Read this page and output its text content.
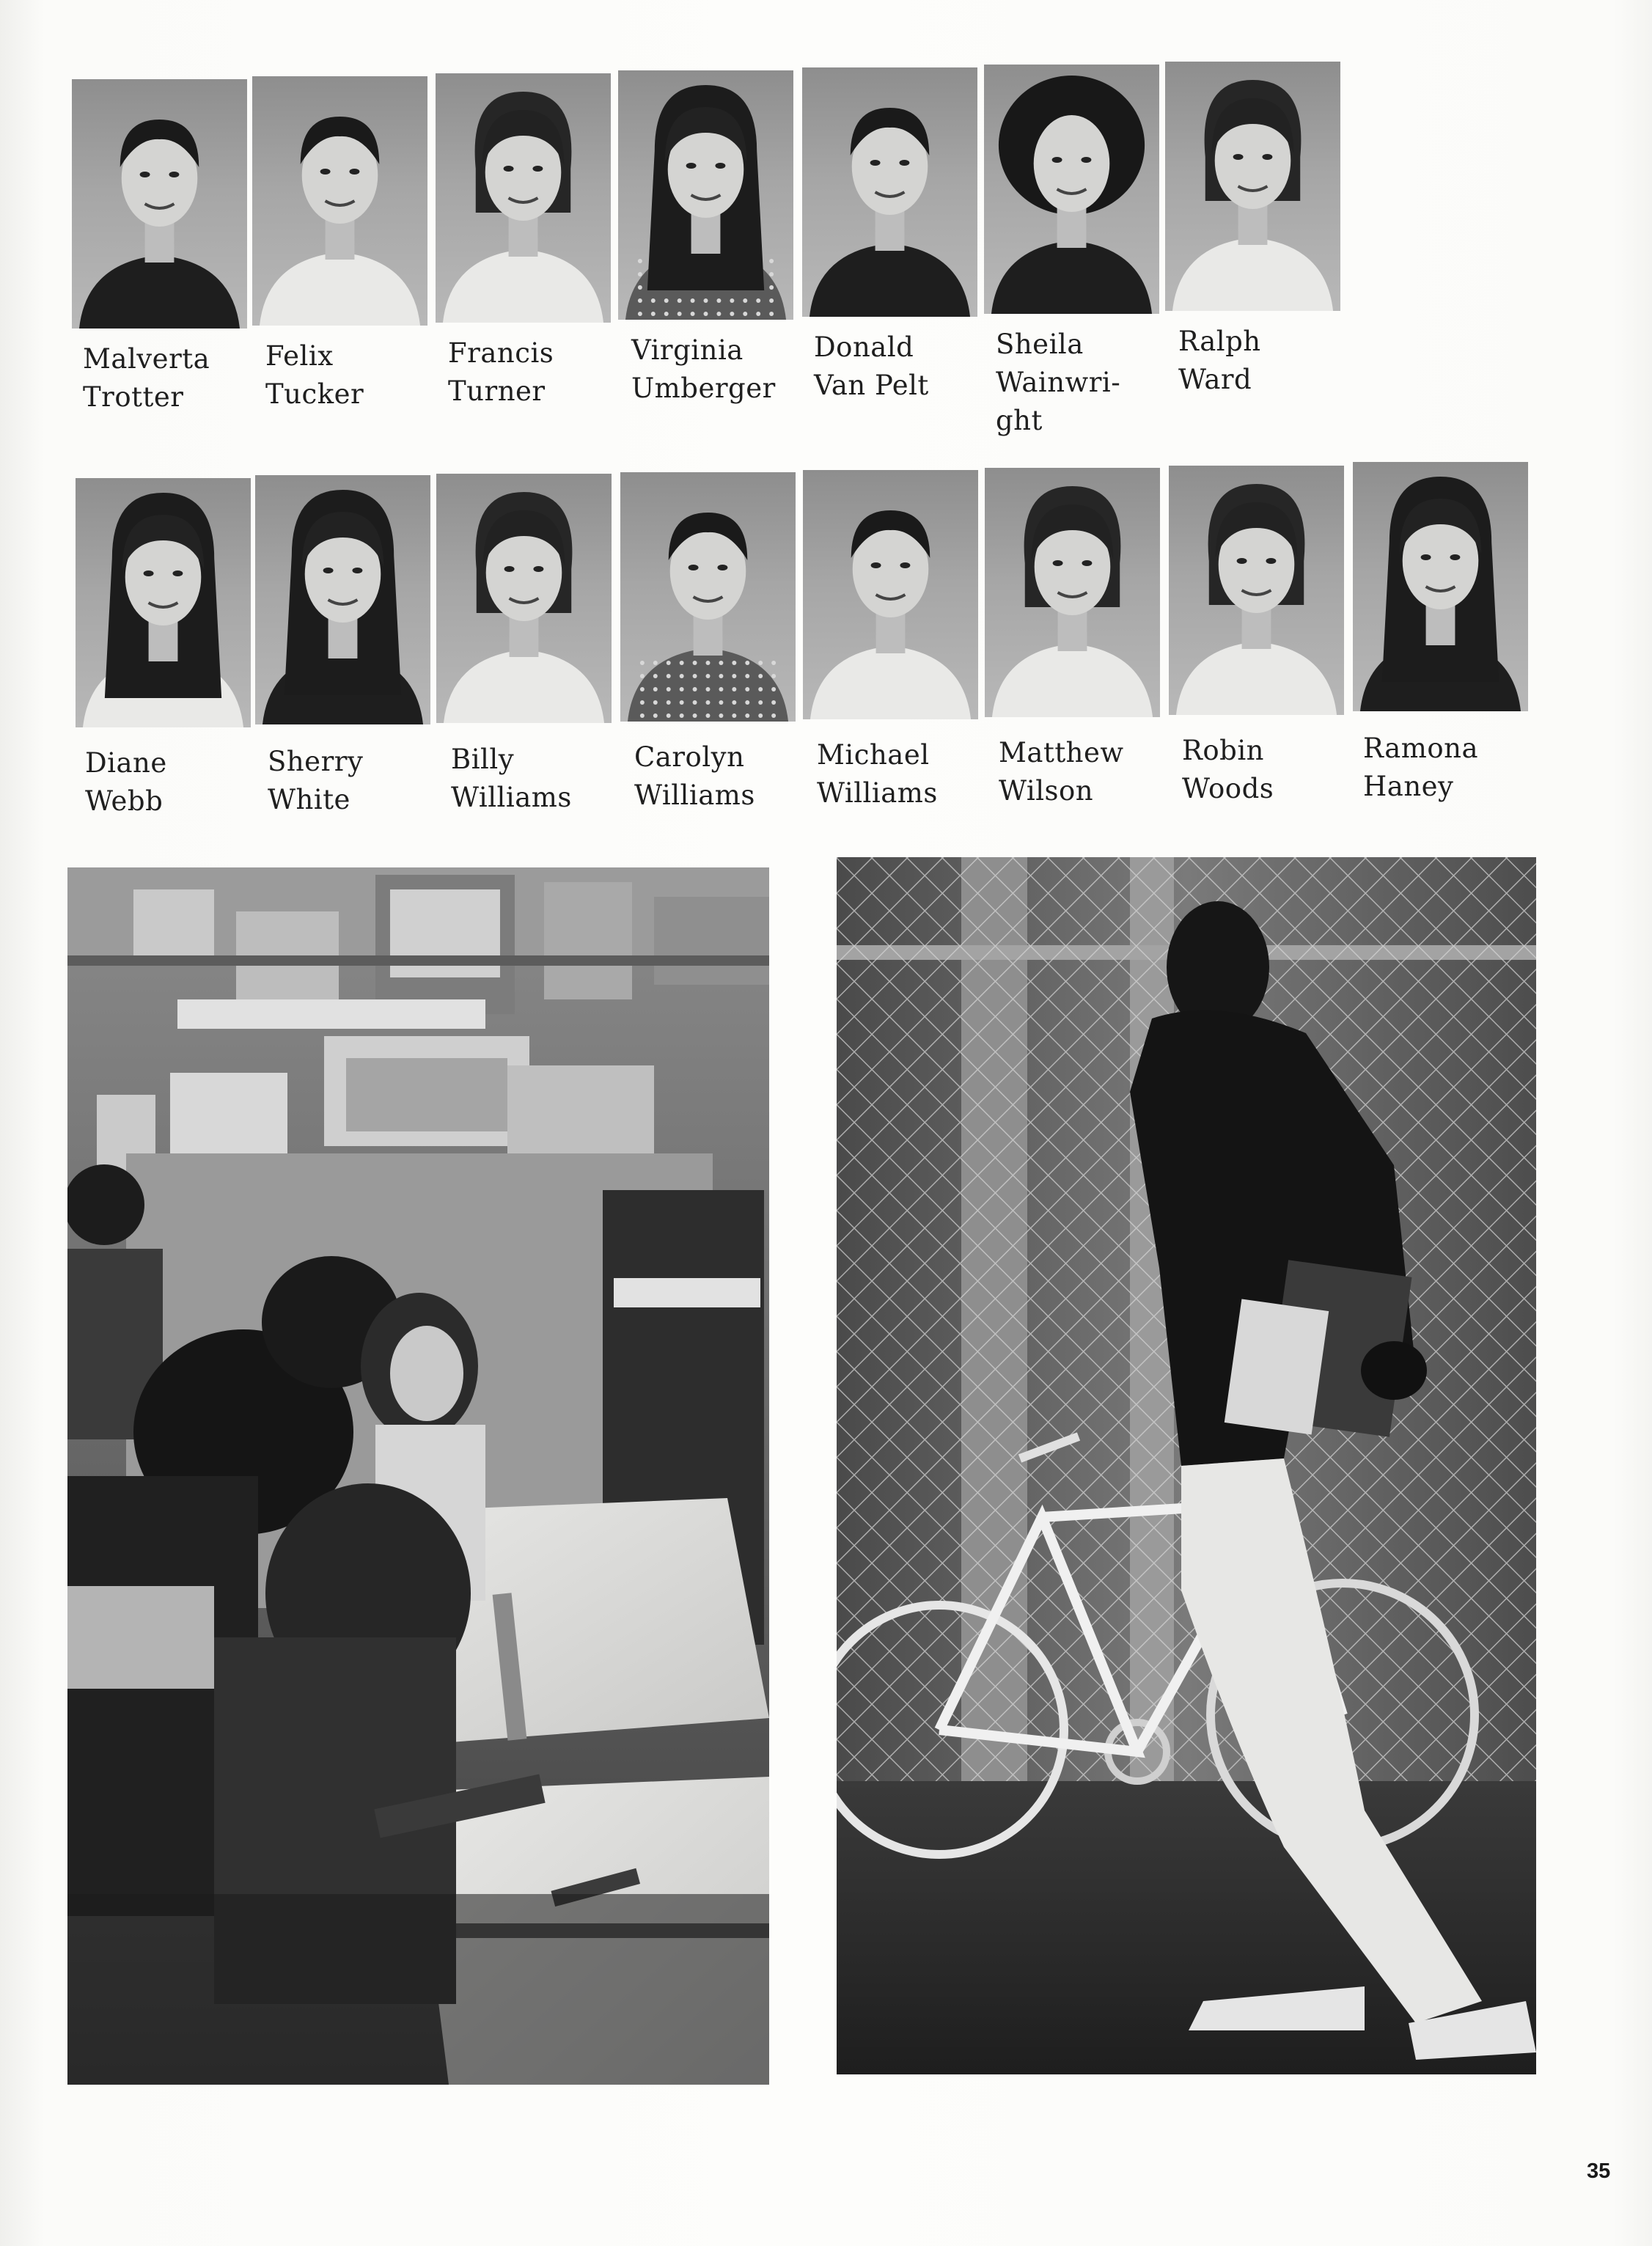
Malverta
Trotter
Felix
Tucker
Francis
Turner
Virginia
Umberger
Donald
Van Pelt
Sheila
Wainwri-
ght
Ralph
Ward
Diane
Webb
Sherry
White
Billy
Williams
Carolyn
Williams
Michael
Williams
Matthew
Wilson
Robin
Woods
Ramona
Haney
35
